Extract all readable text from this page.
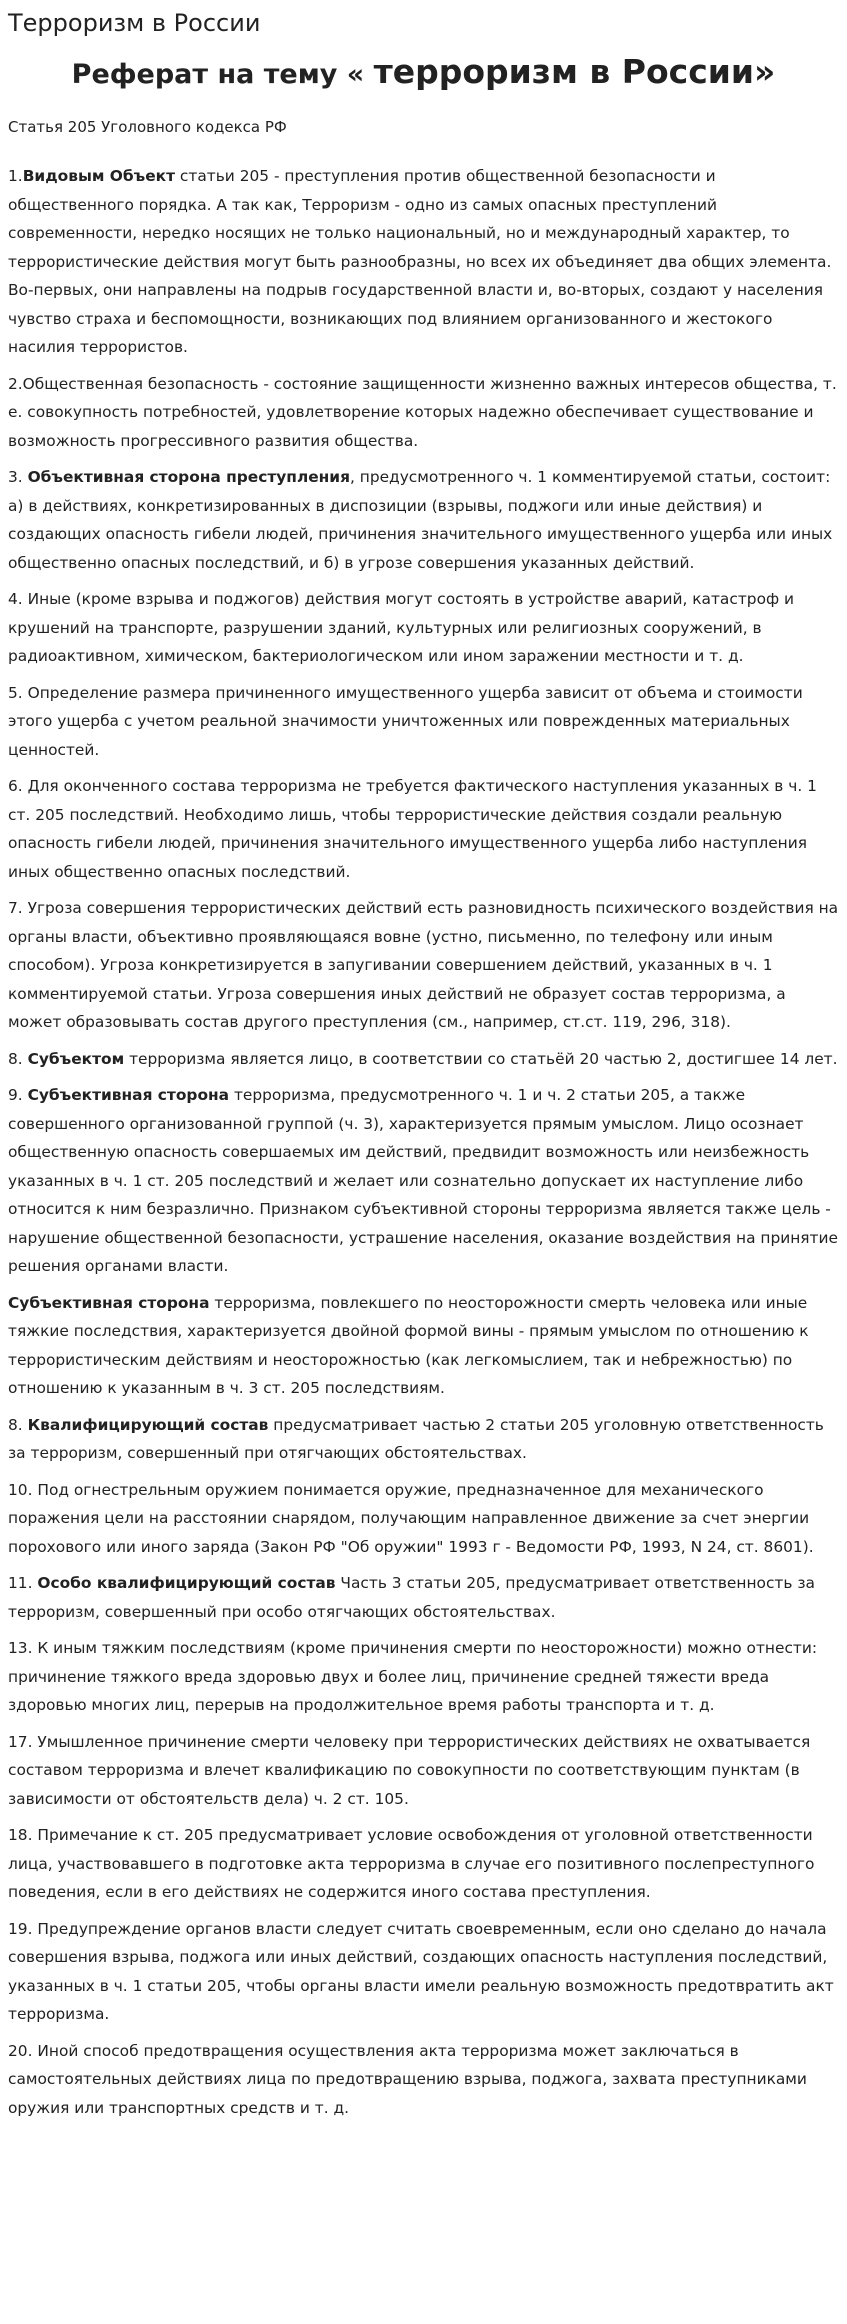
Терроризм в России
Реферат на тему « терроризм в России»
Статья 205 Уголовного кодекса РФ

1.Видовым Объект статьи 205 - преступления против общественной безопасности и общественного порядка. А так как, Терроризм - одно из самых опасных преступлений современности, нередко носящих не только национальный, но и международный характер, то террористические действия могут быть разнообразны, но всех их объединяет два общих элемента. Во-первых, они направлены на подрыв государственной власти и, во-вторых, создают у населения чувство страха и беспомощности, возникающих под влиянием организованного и жестокого насилия террористов.

2.Общественная безопасность - состояние защищенности жизненно важных интересов общества, т. е. совокупность потребностей, удовлетворение которых надежно обеспечивает существование и возможность прогрессивного развития общества.

3. Объективная сторона преступления, предусмотренного ч. 1 комментируемой статьи, состоит: а) в действиях, конкретизированных в диспозиции (взрывы, поджоги или иные действия) и создающих опасность гибели людей, причинения значительного имущественного ущерба или иных общественно опасных последствий, и б) в угрозе совершения указанных действий.

4. Иные (кроме взрыва и поджогов) действия могут состоять в устройстве аварий, катастроф и крушений на транспорте, разрушении зданий, культурных или религиозных сооружений, в радиоактивном, химическом, бактериологическом или ином заражении местности и т. д.

5. Определение размера причиненного имущественного ущерба зависит от объема и стоимости этого ущерба с учетом реальной значимости уничтоженных или поврежденных материальных ценностей.

6. Для оконченного состава терроризма не требуется фактического наступления указанных в ч. 1 ст. 205 последствий. Необходимо лишь, чтобы террористические действия создали реальную опасность гибели людей, причинения значительного имущественного ущерба либо наступления иных общественно опасных последствий.

7. Угроза совершения террористических действий есть разновидность психического воздействия на органы власти, объективно проявляющаяся вовне (устно, письменно, по телефону или иным способом). Угроза конкретизируется в запугивании совершением действий, указанных в ч. 1 комментируемой статьи. Угроза совершения иных действий не образует состав терроризма, а может образовывать состав другого преступления (см., например, ст.ст. 119, 296, 318).

8. Субъектом терроризма является лицо, в соответствии со статьёй 20 частью 2, достигшее 14 лет.

9. Субъективная сторона терроризма, предусмотренного ч. 1 и ч. 2 статьи 205, а также совершенного организованной группой (ч. 3), характеризуется прямым умыслом. Лицо осознает общественную опасность совершаемых им действий, предвидит возможность или неизбежность указанных в ч. 1 ст. 205 последствий и желает или сознательно допускает их наступление либо относится к ним безразлично. Признаком субъективной стороны терроризма является также цель - нарушение общественной безопасности, устрашение населения, оказание воздействия на принятие решения органами власти.

Субъективная сторона терроризма, повлекшего по неосторожности смерть человека или иные тяжкие последствия, характеризуется двойной формой вины - прямым умыслом по отношению к террористическим действиям и неосторожностью (как легкомыслием, так и небрежностью) по отношению к указанным в ч. 3 ст. 205 последствиям.

8. Квалифицирующий состав предусматривает частью 2 статьи 205 уголовную ответственность за терроризм, совершенный при отягчающих обстоятельствах.

10. Под огнестрельным оружием понимается оружие, предназначенное для механического поражения цели на расстоянии снарядом, получающим направленное движение за счет энергии порохового или иного заряда (Закон РФ "Об оружии" 1993 г - Ведомости РФ, 1993, N 24, ст. 8601).

11. Особо квалифицирующий состав Часть 3 статьи 205, предусматривает ответственность за терроризм, совершенный при особо отягчающих обстоятельствах.

13. К иным тяжким последствиям (кроме причинения смерти по неосторожности) можно отнести: причинение тяжкого вреда здоровью двух и более лиц, причинение средней тяжести вреда здоровью многих лиц, перерыв на продолжительное время работы транспорта и т. д.

17. Умышленное причинение смерти человеку при террористических действиях не охватывается составом терроризма и влечет квалификацию по совокупности по соответствующим пунктам (в зависимости от обстоятельств дела) ч. 2 ст. 105.

18. Примечание к ст. 205 предусматривает условие освобождения от уголовной ответственности лица, участвовавшего в подготовке акта терроризма в случае его позитивного послепреступного поведения, если в его действиях не содержится иного состава преступления.

19. Предупреждение органов власти следует считать своевременным, если оно сделано до начала совершения взрыва, поджога или иных действий, создающих опасность наступления последствий, указанных в ч. 1 статьи 205, чтобы органы власти имели реальную возможность предотвратить акт терроризма.

20. Иной способ предотвращения осуществления акта терроризма может заключаться в самостоятельных действиях лица по предотвращению взрыва, поджога, захвата преступниками оружия или транспортных средств и т. д.
